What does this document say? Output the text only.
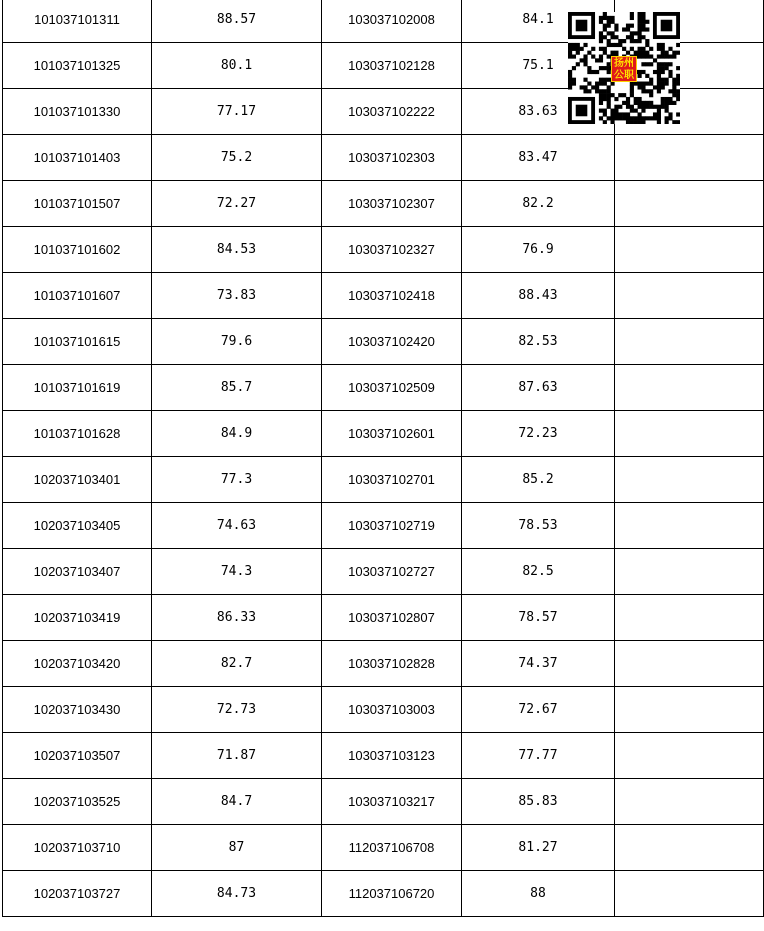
101037101311	88.57	103037102008	84.1	
101037101325	80.1	103037102128	75.1	
101037101330	77.17	103037102222	83.63	
101037101403	75.2	103037102303	83.47	
101037101507	72.27	103037102307	82.2	
101037101602	84.53	103037102327	76.9	
101037101607	73.83	103037102418	88.43	
101037101615	79.6	103037102420	82.53	
101037101619	85.7	103037102509	87.63	
101037101628	84.9	103037102601	72.23	
102037103401	77.3	103037102701	85.2	
102037103405	74.63	103037102719	78.53	
102037103407	74.3	103037102727	82.5	
102037103419	86.33	103037102807	78.57	
102037103420	82.7	103037102828	74.37	
102037103430	72.73	103037103003	72.67	
102037103507	71.87	103037103123	77.77	
102037103525	84.7	103037103217	85.83	
102037103710	87	112037106708	81.27	
102037103727	84.73	112037106720	88	
扬州
公职
